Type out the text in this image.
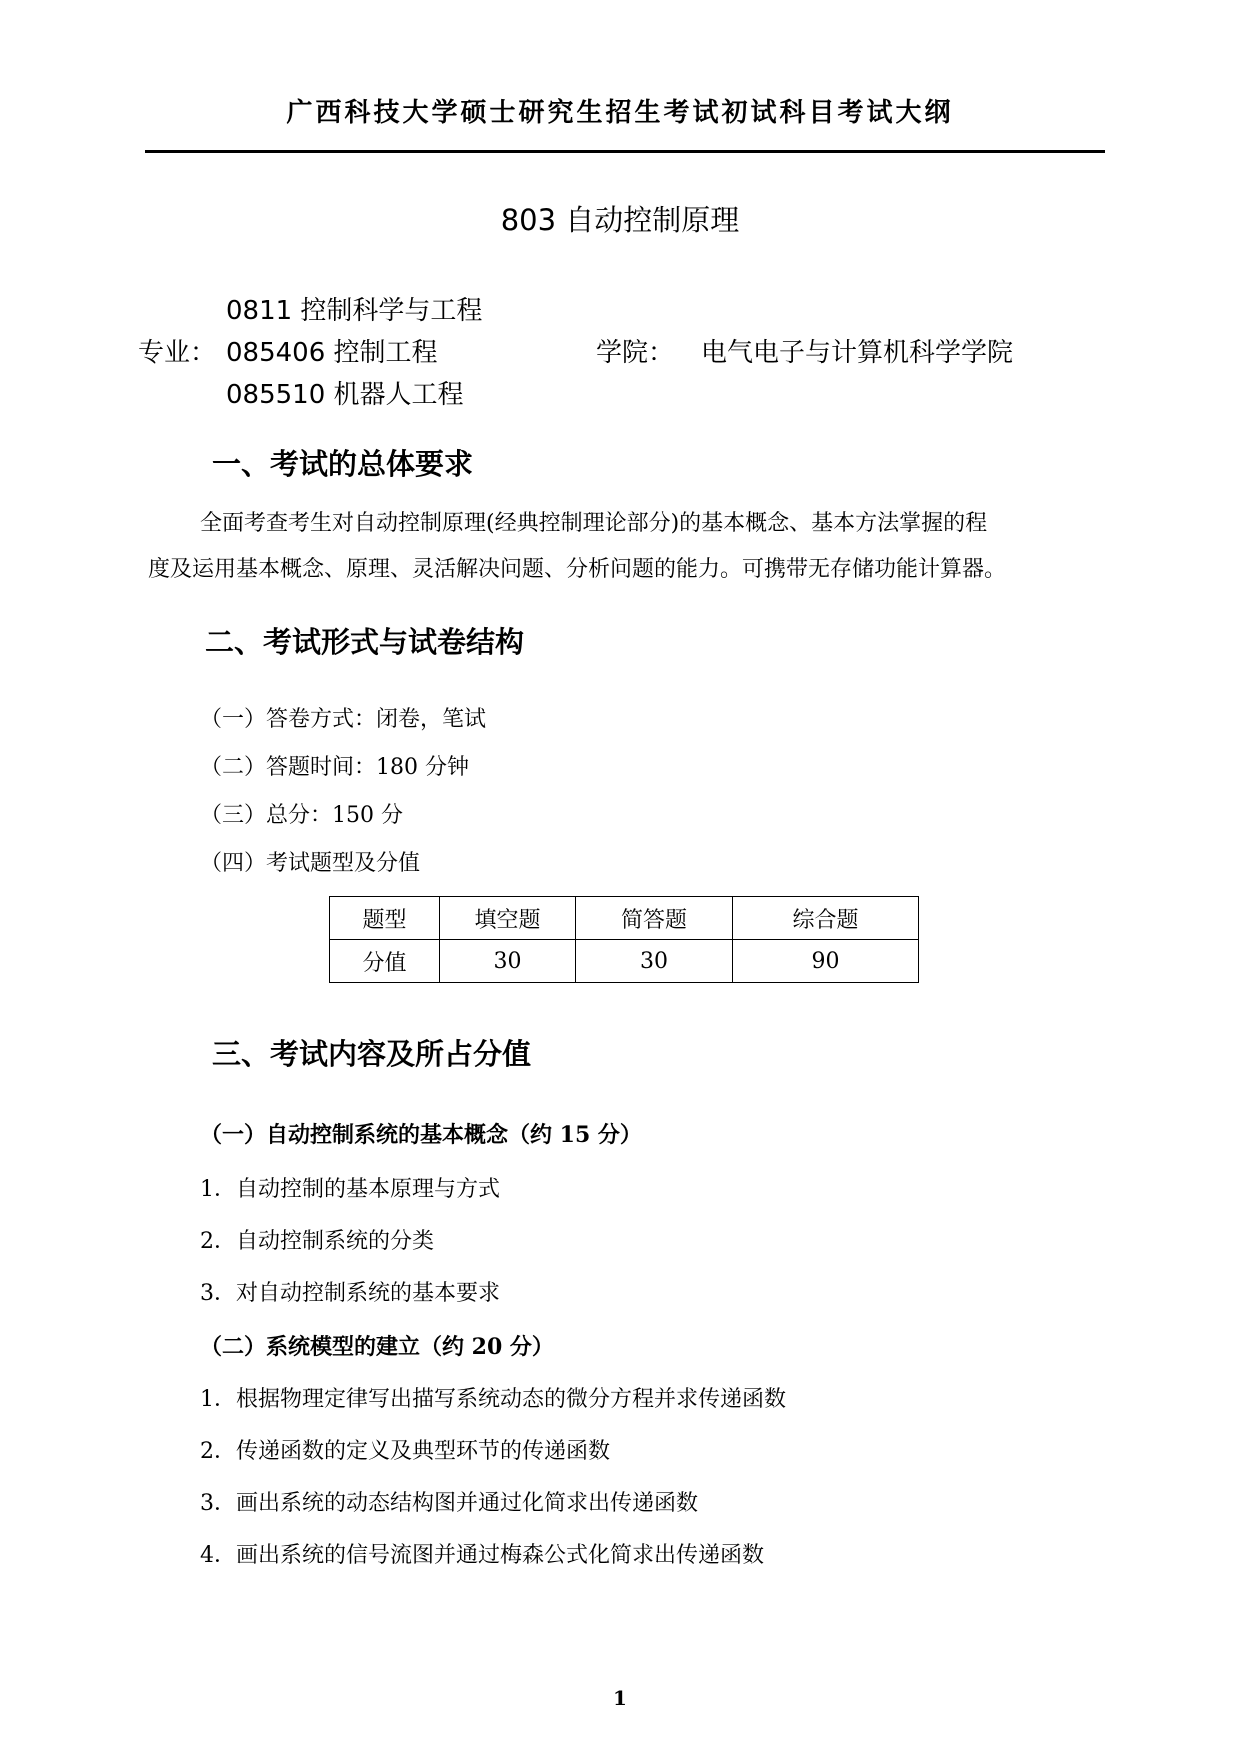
广西科技大学硕士研究生招生考试初试科目考试大纲
803 自动控制原理
0811 控制科学与工程
专业： 085406 控制工程
085510 机器人工程
学院： 电气电子与计算机科学学院
一、考试的总体要求
全面考查考生对自动控制原理(经典控制理论部分)的基本概念、基本方法掌握的程
度及运用基本概念、原理、灵活解决问题、分析问题的能力。可携带无存储功能计算器。
二、考试形式与试卷结构
（一）答卷方式：闭卷，笔试
（二）答题时间：180 分钟
（三）总分：150 分
（四）考试题型及分值
题型	填空题	简答题	综合题
分值	30	30	90
三、考试内容及所占分值
（一）自动控制系统的基本概念（约 15 分）
1．自动控制的基本原理与方式
2．自动控制系统的分类
3．对自动控制系统的基本要求
（二）系统模型的建立（约 20 分）
1．根据物理定律写出描写系统动态的微分方程并求传递函数
2．传递函数的定义及典型环节的传递函数
3．画出系统的动态结构图并通过化简求出传递函数
4．画出系统的信号流图并通过梅森公式化简求出传递函数
1
